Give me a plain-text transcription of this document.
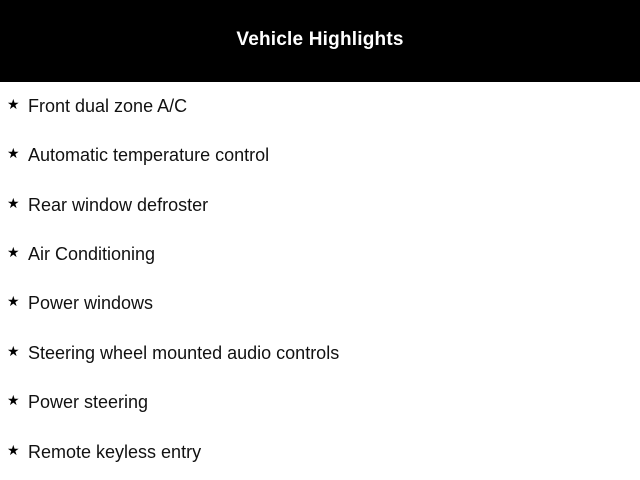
Vehicle Highlights
★ Front dual zone A/C
★ Automatic temperature control
★ Rear window defroster
★ Air Conditioning
★ Power windows
★ Steering wheel mounted audio controls
★ Power steering
★ Remote keyless entry
